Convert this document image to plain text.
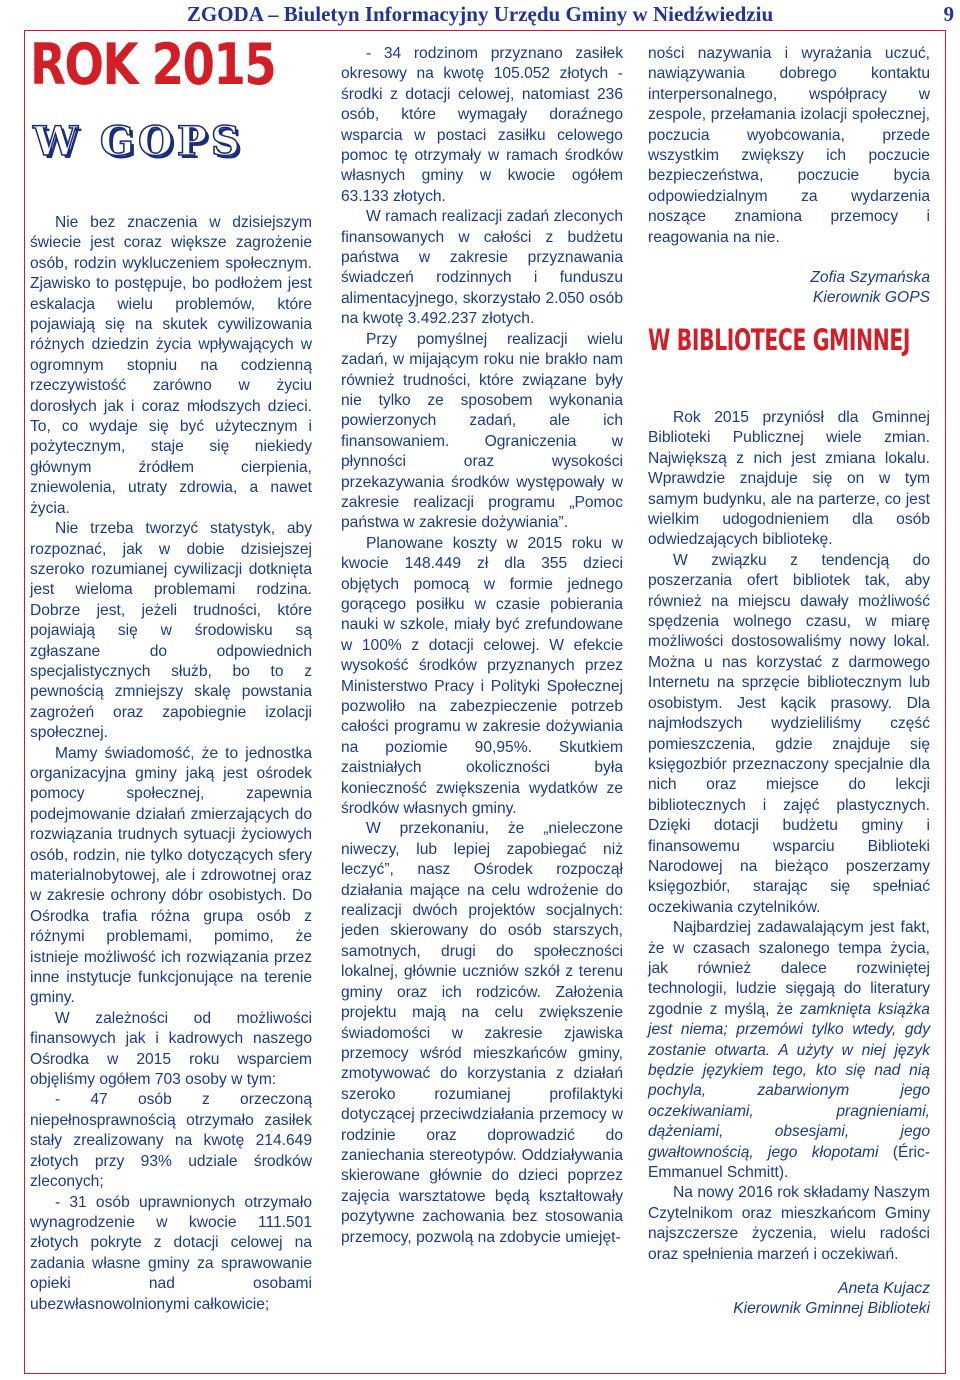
ZGODA – Biuletyn Informacyjny Urzędu Gminy w Niedźwiedziu	9
ROK 2015
W GOPS

Nie bez znaczenia w dzisiejszym świecie jest coraz większe zagrożenie osób, rodzin wykluczeniem społecznym. Zjawisko to postępuje, bo podłożem jest eskalacja wielu problemów, które pojawiają się na skutek cywilizowania różnych dziedzin życia wpływających w ogromnym stopniu na codzienną rzeczywistość zarówno w życiu dorosłych jak i coraz młodszych dzieci. To, co wydaje się być użytecznym i pożytecznym, staje się niekiedy głównym źródłem cierpienia, zniewolenia, utraty zdrowia, a nawet życia.

Nie trzeba tworzyć statystyk, aby rozpoznać, jak w dobie dzisiejszej szeroko rozumianej cywilizacji dotknięta jest wieloma problemami rodzina. Dobrze jest, jeżeli trudności, które pojawiają się w środowisku są zgłaszane do odpowiednich specjalistycznych służb, bo to z pewnością zmniejszy skalę powstania zagrożeń oraz zapobiegnie izolacji społecznej.

Mamy świadomość, że to jednostka organizacyjna gminy jaką jest ośrodek pomocy społecznej, zapewnia podejmowanie działań zmierzających do rozwiązania trudnych sytuacji życiowych osób, rodzin, nie tylko dotyczących sfery materialnobytowej, ale i zdrowotnej oraz w zakresie ochrony dóbr osobistych. Do Ośrodka trafia różna grupa osób z różnymi problemami, pomimo, że istnieje możliwość ich rozwiązania przez inne instytucje funkcjonujące na terenie gminy.

W zależności od możliwości finansowych jak i kadrowych naszego Ośrodka w 2015 roku wsparciem objęliśmy ogółem 703 osoby w tym:

- 47 osób z orzeczoną niepełnosprawnością otrzymało zasiłek stały zrealizowany na kwotę 214.649 złotych przy 93% udziale środków zleconych;

- 31 osób uprawnionych otrzymało wynagrodzenie w kwocie 111.501 złotych pokryte z dotacji celowej na zadania własne gminy za sprawowanie opieki nad osobami ubezwłasnowolnionymi całkowicie;

- 34 rodzinom przyznano zasiłek okresowy na kwotę 105.052 złotych - środki z dotacji celowej, natomiast 236 osób, które wymagały doraźnego wsparcia w postaci zasiłku celowego pomoc tę otrzymały w ramach środków własnych gminy w kwocie ogółem 63.133 złotych.

W ramach realizacji zadań zleconych finansowanych w całości z budżetu państwa w zakresie przyznawania świadczeń rodzinnych i funduszu alimentacyjnego, skorzystało 2.050 osób na kwotę 3.492.237 złotych.

Przy pomyślnej realizacji wielu zadań, w mijającym roku nie brakło nam również trudności, które związane były nie tylko ze sposobem wykonania powierzonych zadań, ale ich finansowaniem. Ograniczenia w płynności oraz wysokości przekazywania środków występowały w zakresie realizacji programu „Pomoc państwa w zakresie dożywiania”.

Planowane koszty w 2015 roku w kwocie 148.449 zł dla 355 dzieci objętych pomocą w formie jednego gorącego posiłku w czasie pobierania nauki w szkole, miały być zrefundowane w 100% z dotacji celowej. W efekcie wysokość środków przyznanych przez Ministerstwo Pracy i Polityki Społecznej pozwoliło na zabezpieczenie potrzeb całości programu w zakresie dożywiania na poziomie 90,95%. Skutkiem zaistniałych okoliczności była konieczność zwiększenia wydatków ze środków własnych gminy.

W przekonaniu, że „nieleczone niweczy, lub lepiej zapobiegać niż leczyć”, nasz Ośrodek rozpoczął działania mające na celu wdrożenie do realizacji dwóch projektów socjalnych: jeden skierowany do osób starszych, samotnych, drugi do społeczności lokalnej, głównie uczniów szkół z terenu gminy oraz ich rodziców. Założenia projektu mają na celu zwiększenie świadomości w zakresie zjawiska przemocy wśród mieszkańców gminy, zmotywować do korzystania z działań szeroko rozumianej profilaktyki dotyczącej przeciwdziałania przemocy w rodzinie oraz doprowadzić do zaniechania stereotypów. Oddziaływania skierowane głównie do dzieci poprzez zajęcia warsztatowe będą kształtowały pozytywne zachowania bez stosowania przemocy, pozwolą na zdobycie umiejęt-

ności nazywania i wyrażania uczuć, nawiązywania dobrego kontaktu interpersonalnego, współpracy w zespole, przełamania izolacji społecznej, poczucia wyobcowania, przede wszystkim zwiększy ich poczucie bezpieczeństwa, poczucie bycia odpowiedzialnym za wydarzenia noszące znamiona przemocy i reagowania na nie.

Zofia Szymańska

Kierownik GOPS

W BIBLIOTECE GMINNEJ

Rok 2015 przyniósł dla Gminnej Biblioteki Publicznej wiele zmian. Największą z nich jest zmiana lokalu. Wprawdzie znajduje się on w tym samym budynku, ale na parterze, co jest wielkim udogodnieniem dla osób odwiedzających bibliotekę.

W związku z tendencją do poszerzania ofert bibliotek tak, aby również na miejscu dawały możliwość spędzenia wolnego czasu, w miarę możliwości dostosowaliśmy nowy lokal. Można u nas korzystać z darmowego Internetu na sprzęcie bibliotecznym lub osobistym. Jest kącik prasowy. Dla najmłodszych wydzieliliśmy część pomieszczenia, gdzie znajduje się księgozbiór przeznaczony specjalnie dla nich oraz miejsce do lekcji bibliotecznych i zajęć plastycznych. Dzięki dotacji budżetu gminy i finansowemu wsparciu Biblioteki Narodowej na bieżąco poszerzamy księgozbiór, starając się spełniać oczekiwania czytelników.

Najbardziej zadawalającym jest fakt, że w czasach szalonego tempa życia, jak również dalece rozwiniętej technologii, ludzie sięgają do literatury zgodnie z myślą, że zamknięta książka jest niema; przemówi tylko wtedy, gdy zostanie otwarta. A użyty w niej język będzie językiem tego, kto się nad nią pochyla, zabarwionym jego oczekiwaniami, pragnieniami, dążeniami, obsesjami, jego gwałtownością, jego kłopotami (Éric-Emmanuel Schmitt).

Na nowy 2016 rok składamy Naszym Czytelnikom oraz mieszkańcom Gminy najszczersze życzenia, wielu radości oraz spełnienia marzeń i oczekiwań.

Aneta Kujacz

Kierownik Gminnej Biblioteki
